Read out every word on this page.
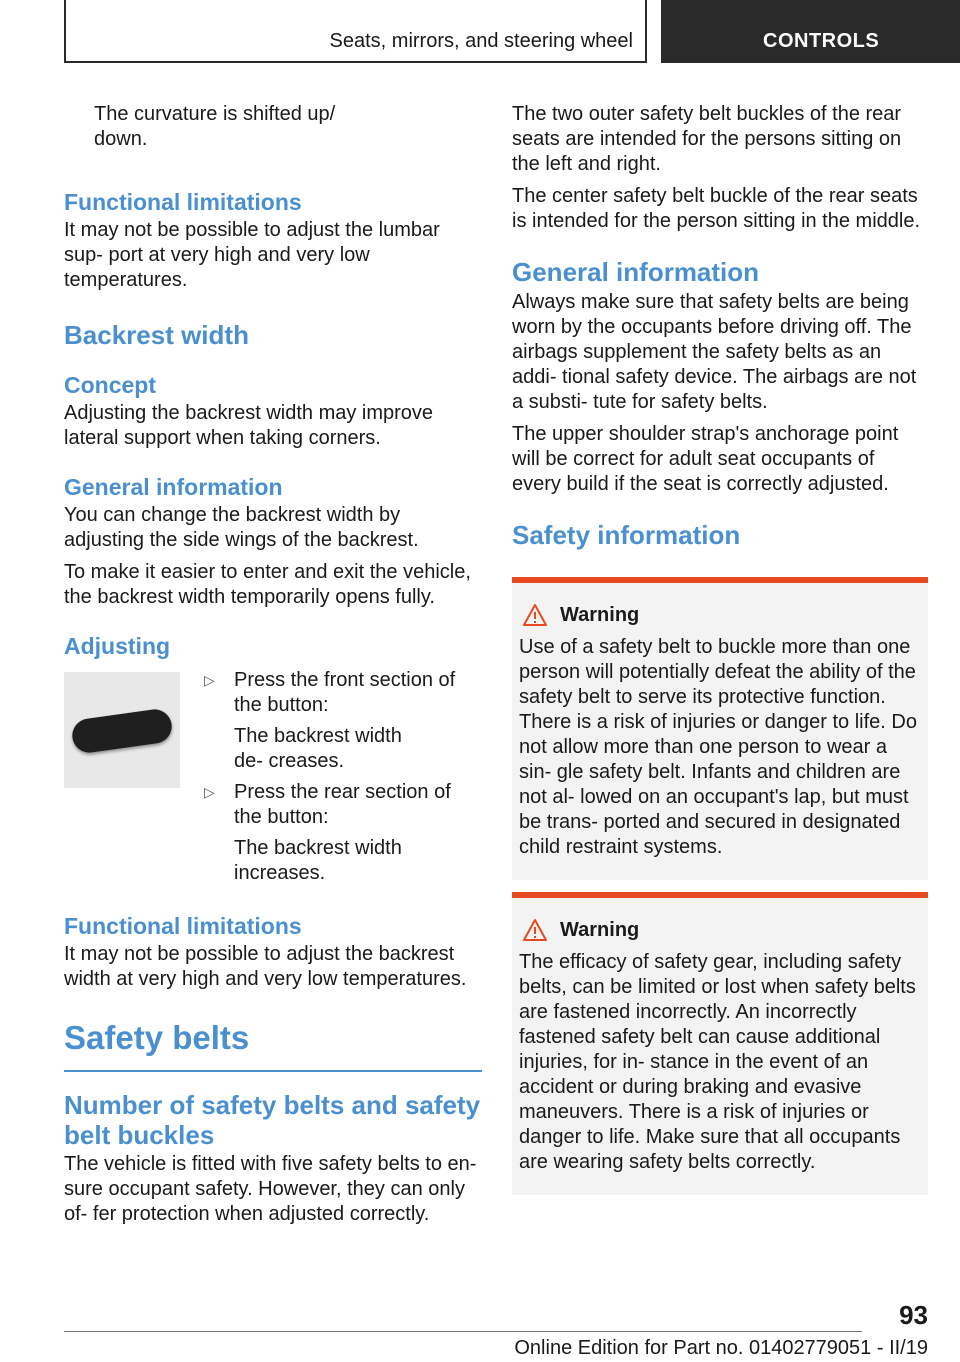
Seats, mirrors, and steering wheel	CONTROLS

The curvature is shifted up/ down.

Functional limitations

It may not be possible to adjust the lumbar sup- port at very high and very low temperatures.

Backrest width
Concept

Adjusting the backrest width may improve lateral support when taking corners.

General information

You can change the backrest width by adjusting the side wings of the backrest.

To make it easier to enter and exit the vehicle, the backrest width temporarily opens fully.

Adjusting
▷ Press the front section of the button:

The backrest width de- creases.

▷ Press the rear section of the button:

The backrest width increases.

Functional limitations

It may not be possible to adjust the backrest width at very high and very low temperatures.

Safety belts
Number of safety belts and safety belt buckles

The vehicle is fitted with five safety belts to en- sure occupant safety. However, they can only of- fer protection when adjusted correctly.

The two outer safety belt buckles of the rear seats are intended for the persons sitting on the left and right.

The center safety belt buckle of the rear seats is intended for the person sitting in the middle.

General information

Always make sure that safety belts are being worn by the occupants before driving off. The airbags supplement the safety belts as an addi- tional safety device. The airbags are not a substi- tute for safety belts.

The upper shoulder strap's anchorage point will be correct for adult seat occupants of every build if the seat is correctly adjusted.

Safety information
Warning

Use of a safety belt to buckle more than one person will potentially defeat the ability of the safety belt to serve its protective function. There is a risk of injuries or danger to life. Do not allow more than one person to wear a sin- gle safety belt. Infants and children are not al- lowed on an occupant's lap, but must be trans- ported and secured in designated child restraint systems.

Warning

The efficacy of safety gear, including safety belts, can be limited or lost when safety belts are fastened incorrectly. An incorrectly fastened safety belt can cause additional injuries, for in- stance in the event of an accident or during braking and evasive maneuvers. There is a risk of injuries or danger to life. Make sure that all occupants are wearing safety belts correctly.

93
Online Edition for Part no. 01402779051 - II/19
